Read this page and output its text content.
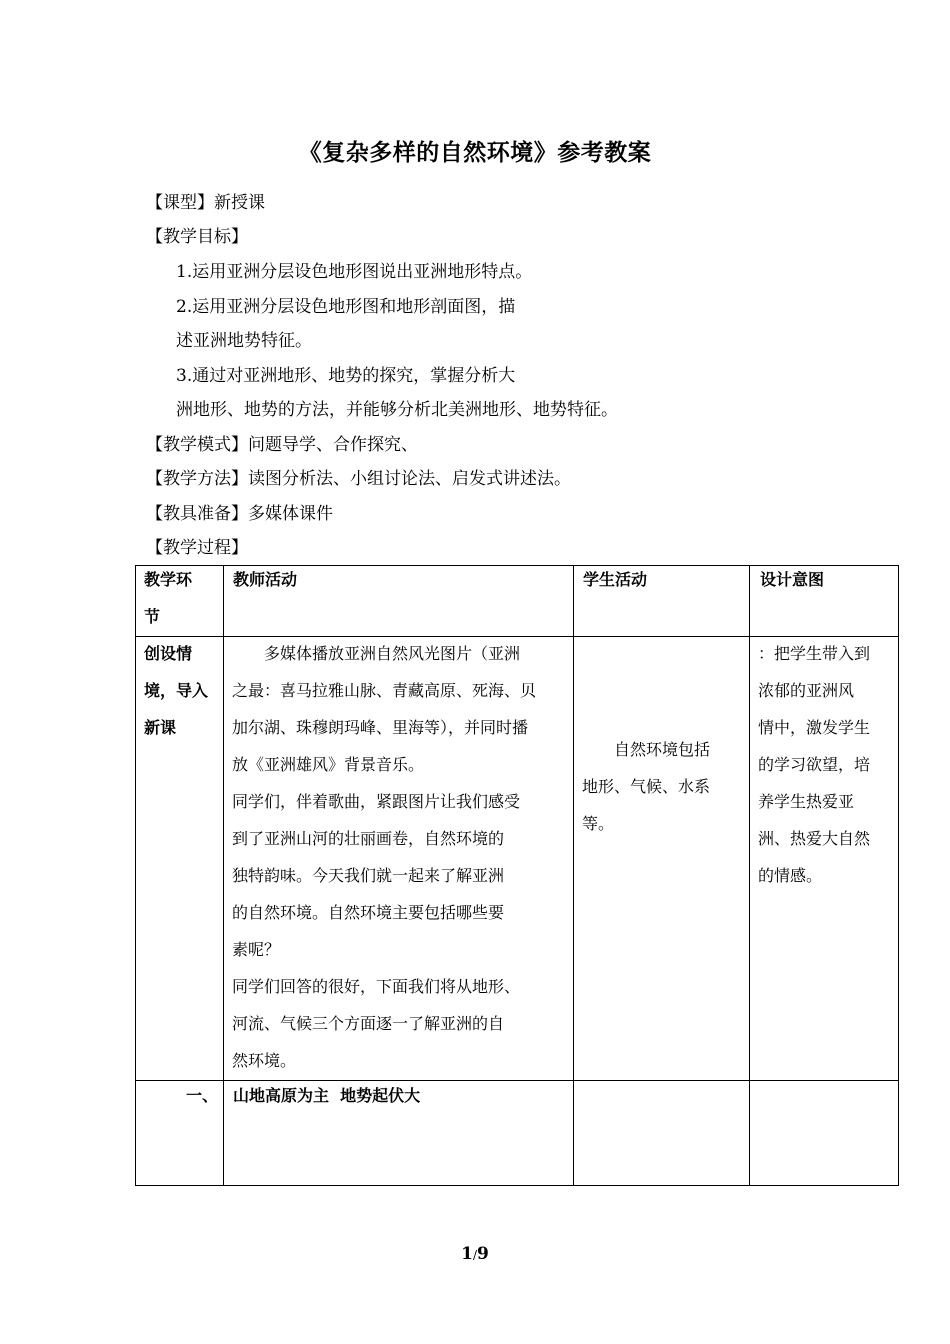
《复杂多样的自然环境》参考教案
【课型】新授课
【教学目标】
1.运用亚洲分层设色地形图说出亚洲地形特点。
2.运用亚洲分层设色地形图和地形剖面图，描
述亚洲地势特征。
3.通过对亚洲地形、地势的探究，掌握分析大
洲地形、地势的方法，并能够分析北美洲地形、地势特征。
【教学模式】问题导学、合作探究、
【教学方法】读图分析法、小组讨论法、启发式讲述法。
【教具准备】多媒体课件
【教学过程】
教学环
节
教师活动	学生活动	设计意图
创设情
境，导入
新课
　　多媒体播放亚洲自然风光图片（亚洲
之最：喜马拉雅山脉、青藏高原、死海、贝
加尔湖、珠穆朗玛峰、里海等），并同时播
放《亚洲雄风》背景音乐。
同学们，伴着歌曲，紧跟图片让我们感受
到了亚洲山河的壮丽画卷，自然环境的
独特韵味。今天我们就一起来了解亚洲
的自然环境。自然环境主要包括哪些要
素呢？
同学们回答的很好，下面我们将从地形、
河流、气候三个方面逐一了解亚洲的自
然环境。
　　自然环境包括
地形、气候、水系
等。
：把学生带入到
浓郁的亚洲风
情中，激发学生
的学习欲望，培
养学生热爱亚
洲、热爱大自然
的情感。
一、 山地高原为主  地势起伏大
1/9
